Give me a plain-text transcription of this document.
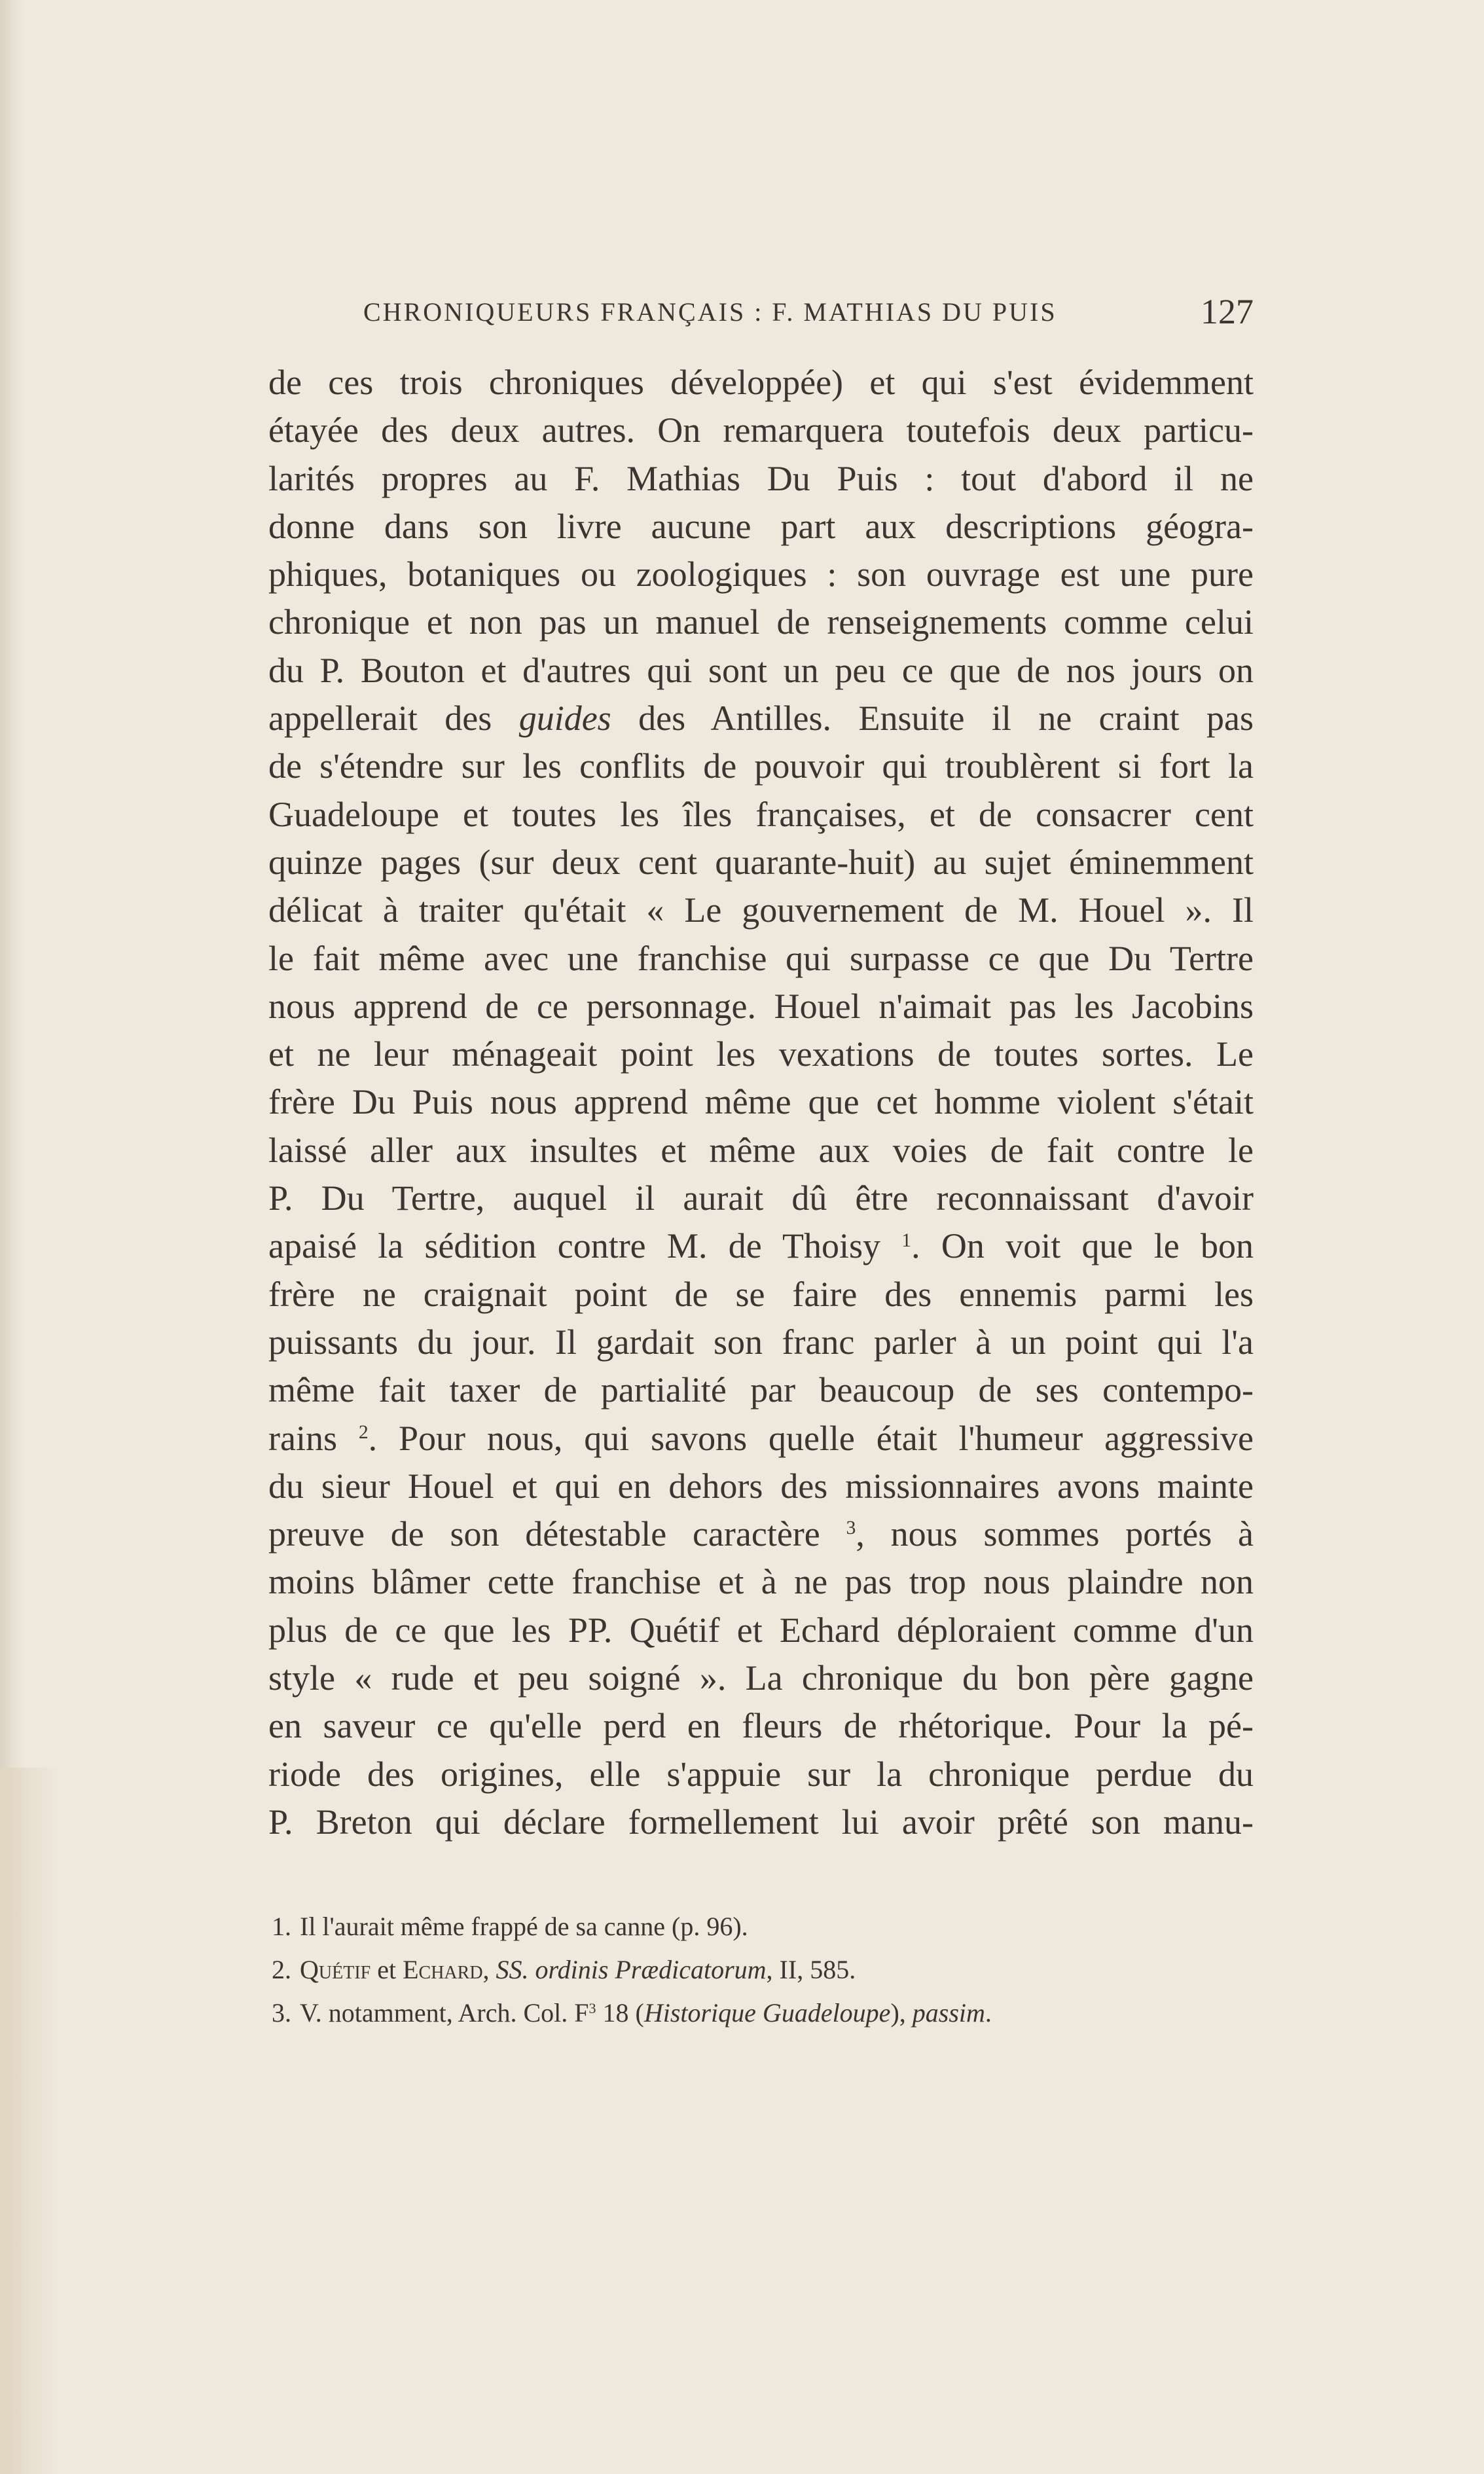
CHRONIQUEURS FRANÇAIS : F. MATHIAS DU PUIS	127
de ces trois chroniques développée) et qui s'est évidemment
étayée des deux autres. On remarquera toutefois deux particu-
larités propres au F. Mathias Du Puis : tout d'abord il ne
donne dans son livre aucune part aux descriptions géogra-
phiques, botaniques ou zoologiques : son ouvrage est une pure
chronique et non pas un manuel de renseignements comme celui
du P. Bouton et d'autres qui sont un peu ce que de nos jours on
appellerait des guides des Antilles. Ensuite il ne craint pas
de s'étendre sur les conflits de pouvoir qui troublèrent si fort la
Guadeloupe et toutes les îles françaises, et de consacrer cent
quinze pages (sur deux cent quarante-huit) au sujet éminemment
délicat à traiter qu'était « Le gouvernement de M. Houel ». Il
le fait même avec une franchise qui surpasse ce que Du Tertre
nous apprend de ce personnage. Houel n'aimait pas les Jacobins
et ne leur ménageait point les vexations de toutes sortes. Le
frère Du Puis nous apprend même que cet homme violent s'était
laissé aller aux insultes et même aux voies de fait contre le
P. Du Tertre, auquel il aurait dû être reconnaissant d'avoir
apaisé la sédition contre M. de Thoisy $^1$. On voit que le bon
frère ne craignait point de se faire des ennemis parmi les
puissants du jour. Il gardait son franc parler à un point qui l'a
même fait taxer de partialité par beaucoup de ses contempo-
rains $^2$. Pour nous, qui savons quelle était l'humeur aggressive
du sieur Houel et qui en dehors des missionnaires avons mainte
preuve de son détestable caractère $^3$, nous sommes portés à
moins blâmer cette franchise et à ne pas trop nous plaindre non
plus de ce que les PP. Quétif et Echard déploraient comme d'un
style « rude et peu soigné ». La chronique du bon père gagne
en saveur ce qu'elle perd en fleurs de rhétorique. Pour la pé-
riode des origines, elle s'appuie sur la chronique perdue du
P. Breton qui déclare formellement lui avoir prêté son manu-
1. Il l'aurait même frappé de sa canne (p. 96).
2. Quétif et Echard, SS. ordinis Prædicatorum, II, 585.
3. V. notamment, Arch. Col. $F^3$ 18 (Historique Guadeloupe), passim.
